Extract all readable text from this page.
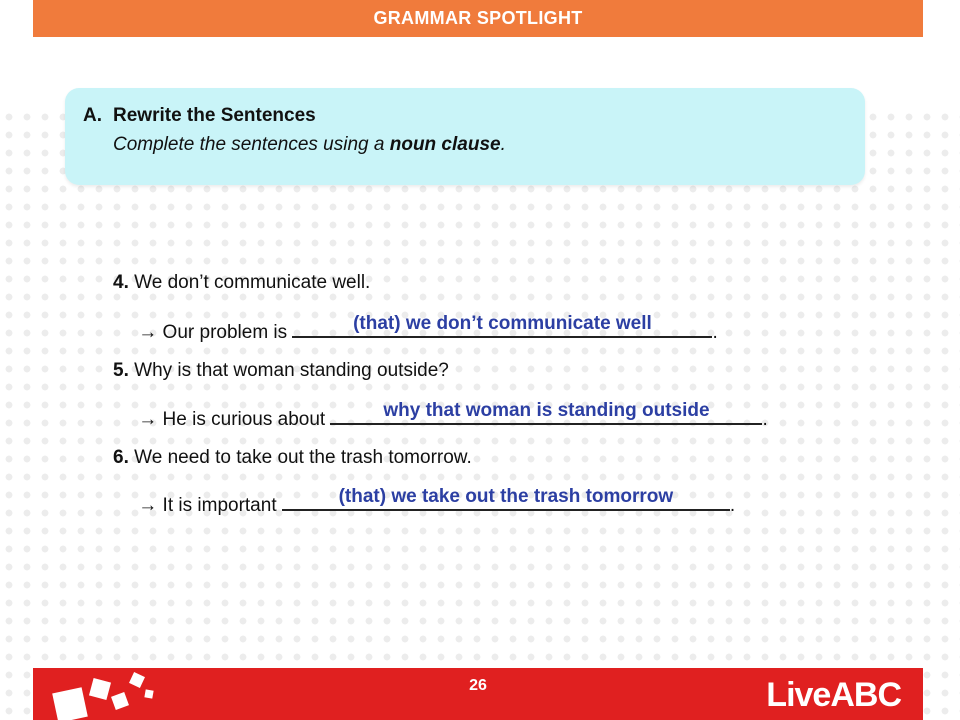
GRAMMAR SPOTLIGHT
A. Rewrite the Sentences
Complete the sentences using a noun clause.
4. We don’t communicate well.
→ Our problem is	(that) we don’t communicate well	.
5. Why is that woman standing outside?
→ He is curious about	why that woman is standing outside	.
6. We need to take out the trash tomorrow.
→ It is important	(that) we take out the trash tomorrow	.
26	LiveABC
